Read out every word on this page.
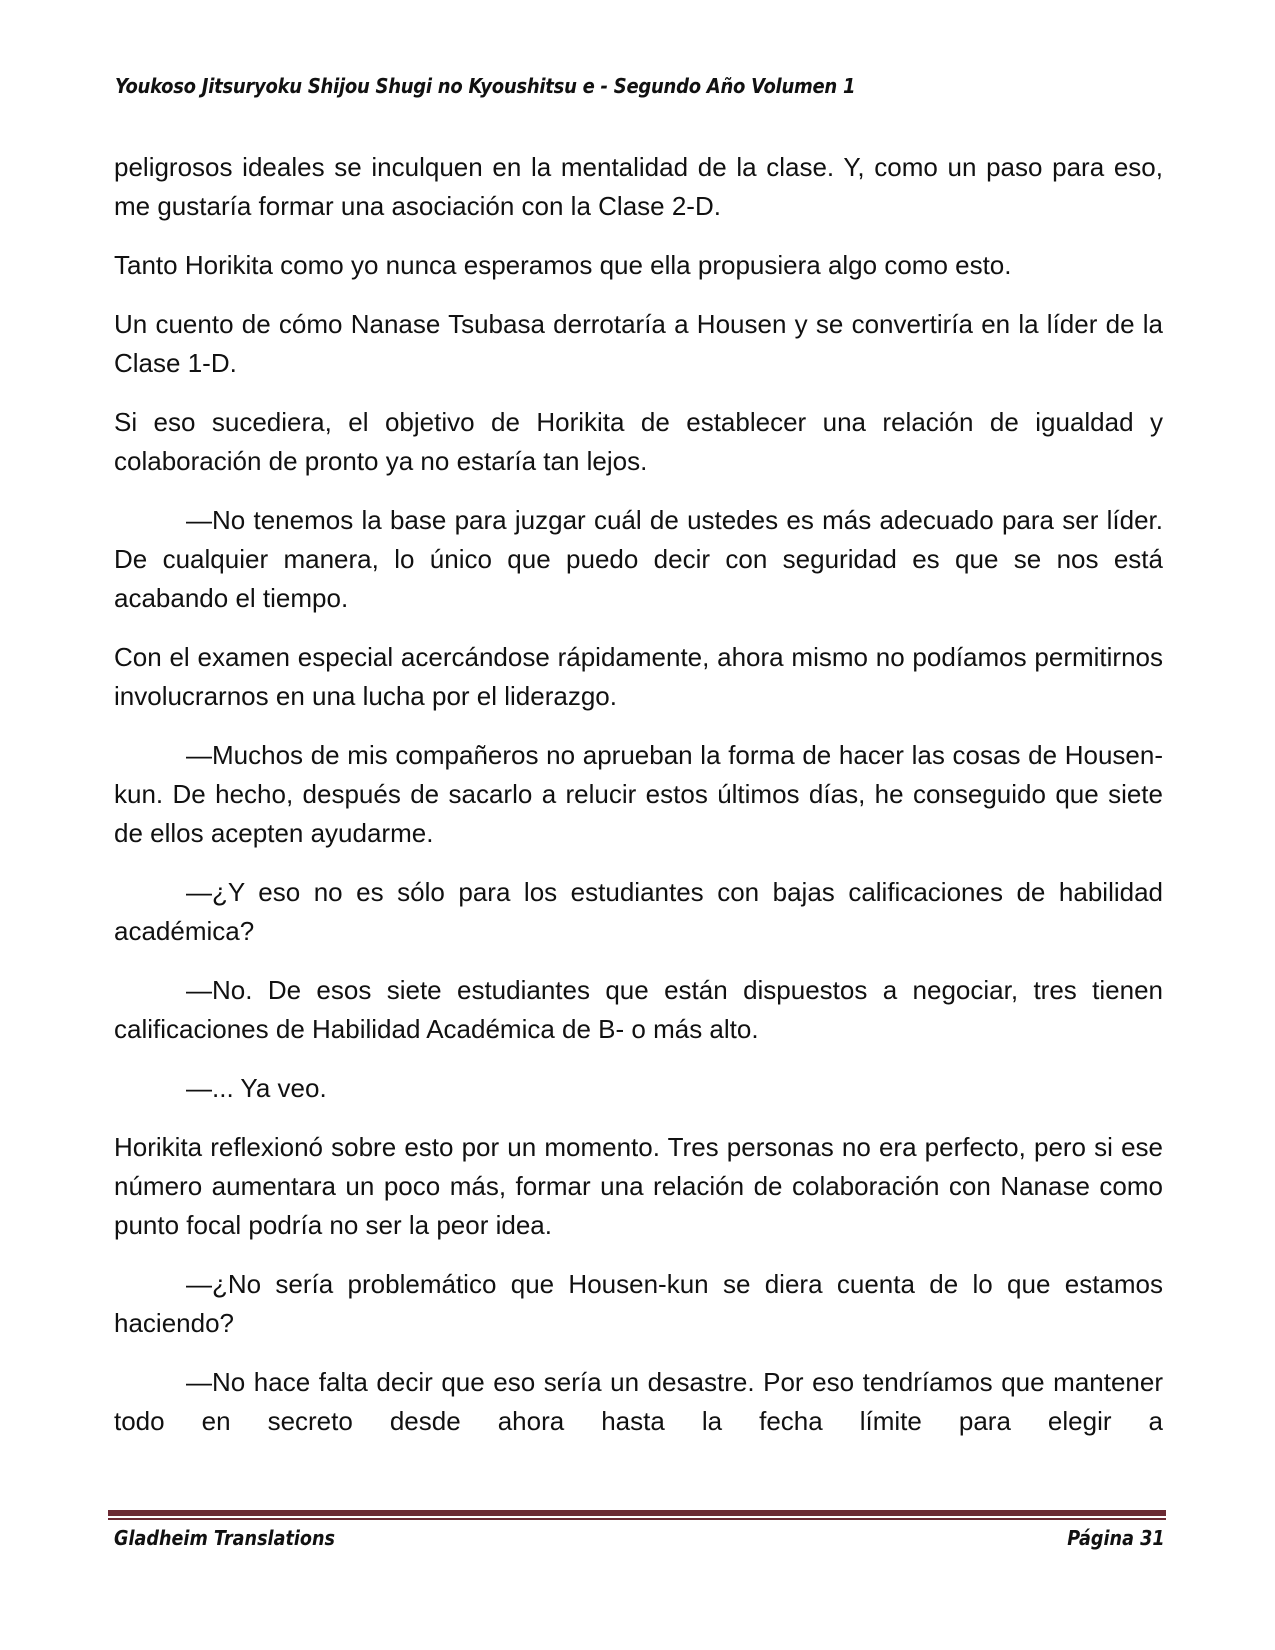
Youkoso Jitsuryoku Shijou Shugi no Kyoushitsu e - Segundo Año Volumen 1

peligrosos ideales se inculquen en la mentalidad de la clase. Y, como un paso para eso, me gustaría formar una asociación con la Clase 2-D.

Tanto Horikita como yo nunca esperamos que ella propusiera algo como esto.

Un cuento de cómo Nanase Tsubasa derrotaría a Housen y se convertiría en la líder de la Clase 1-D.

Si eso sucediera, el objetivo de Horikita de establecer una relación de igualdad y colaboración de pronto ya no estaría tan lejos.

—No tenemos la base para juzgar cuál de ustedes es más adecuado para ser líder. De cualquier manera, lo único que puedo decir con seguridad es que se nos está acabando el tiempo.

Con el examen especial acercándose rápidamente, ahora mismo no podíamos permitirnos involucrarnos en una lucha por el liderazgo.

—Muchos de mis compañeros no aprueban la forma de hacer las cosas de Housen-kun. De hecho, después de sacarlo a relucir estos últimos días, he conseguido que siete de ellos acepten ayudarme.

—¿Y eso no es sólo para los estudiantes con bajas calificaciones de habilidad académica?

—No. De esos siete estudiantes que están dispuestos a negociar, tres tienen calificaciones de Habilidad Académica de B- o más alto.

—... Ya veo.

Horikita reflexionó sobre esto por un momento. Tres personas no era perfecto, pero si ese número aumentara un poco más, formar una relación de colaboración con Nanase como punto focal podría no ser la peor idea.

—¿No sería problemático que Housen-kun se diera cuenta de lo que estamos haciendo?

—No hace falta decir que eso sería un desastre. Por eso tendríamos que mantener todo en secreto desde ahora hasta la fecha límite para elegir a

Gladheim Translations	Página 31
